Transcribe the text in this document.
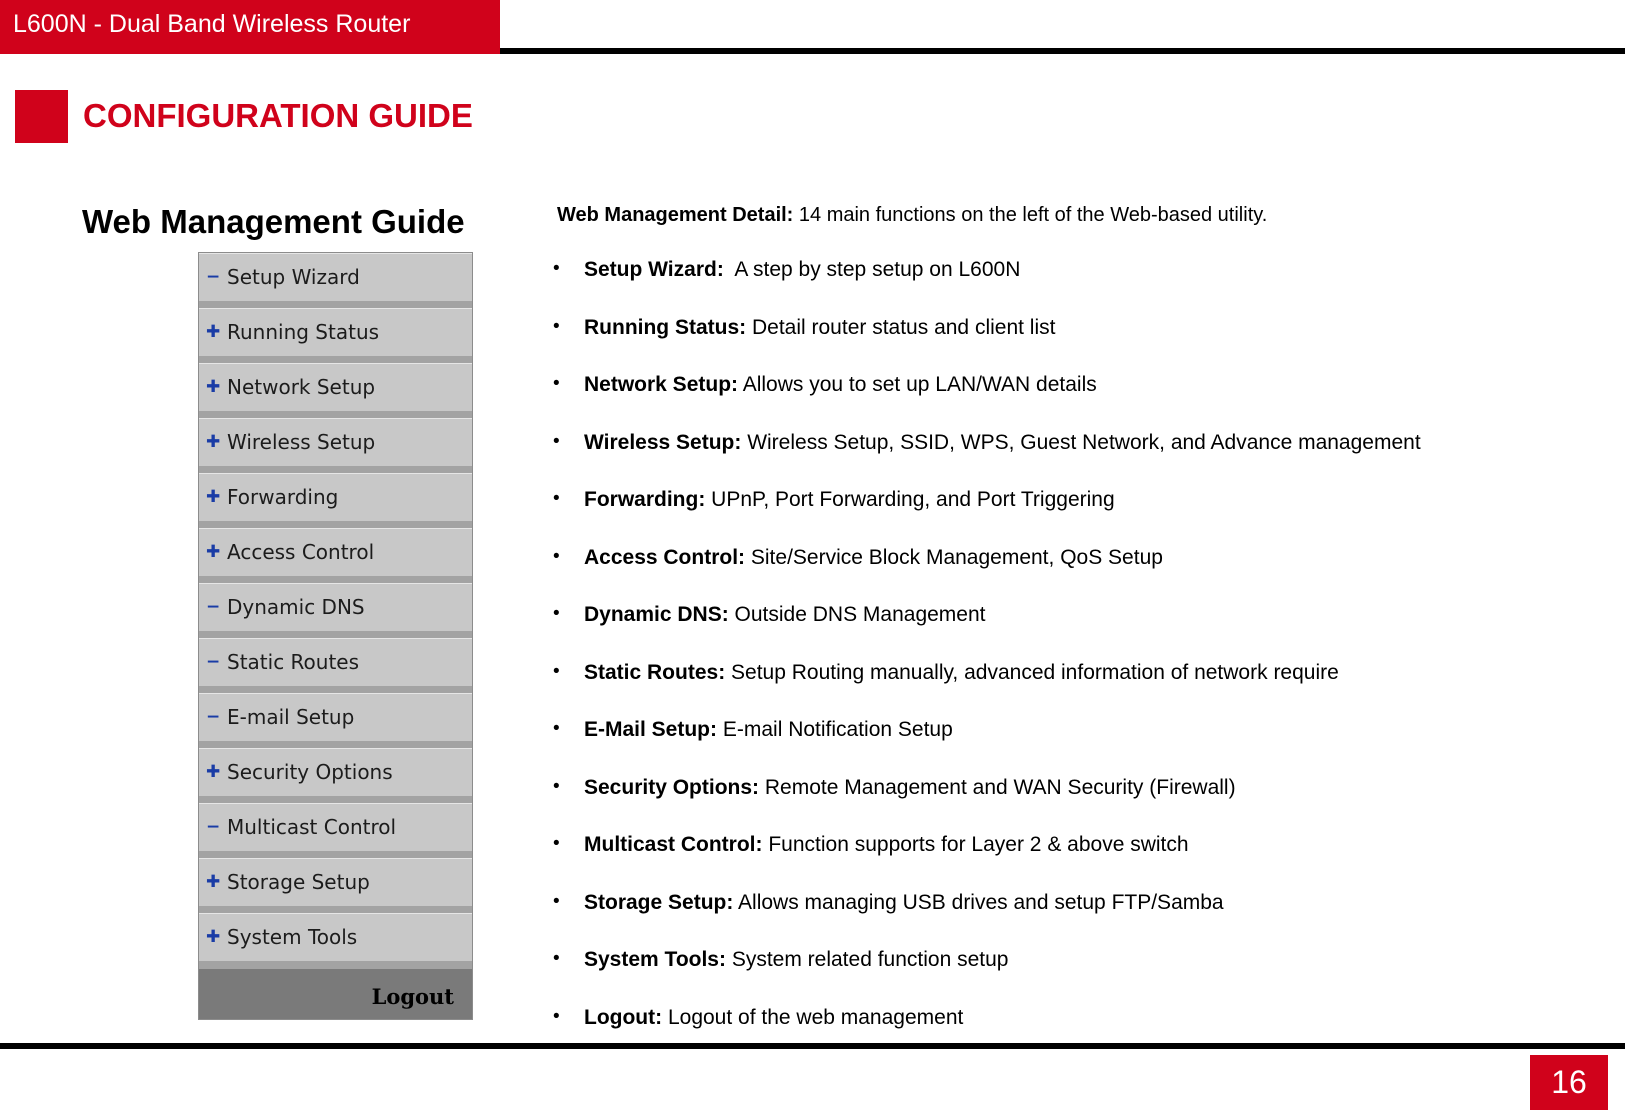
L600N - Dual Band Wireless Router
CONFIGURATION GUIDE
Web Management Guide
− Setup Wizard
✚ Running Status
✚ Network Setup
✚ Wireless Setup
✚ Forwarding
✚ Access Control
− Dynamic DNS
− Static Routes
− E-mail Setup
✚ Security Options
− Multicast Control
✚ Storage Setup
✚ System Tools
Logout
Web Management Detail: 14 main functions on the left of the Web-based utility.
• Setup Wizard:  A step by step setup on L600N
• Running Status: Detail router status and client list
• Network Setup: Allows you to set up LAN/WAN details
• Wireless Setup: Wireless Setup, SSID, WPS, Guest Network, and Advance management
• Forwarding: UPnP, Port Forwarding, and Port Triggering
• Access Control: Site/Service Block Management, QoS Setup
• Dynamic DNS: Outside DNS Management
• Static Routes: Setup Routing manually, advanced information of network require
• E-Mail Setup: E-mail Notification Setup
• Security Options: Remote Management and WAN Security (Firewall)
• Multicast Control: Function supports for Layer 2 & above switch
• Storage Setup: Allows managing USB drives and setup FTP/Samba
• System Tools: System related function setup
• Logout: Logout of the web management
16
